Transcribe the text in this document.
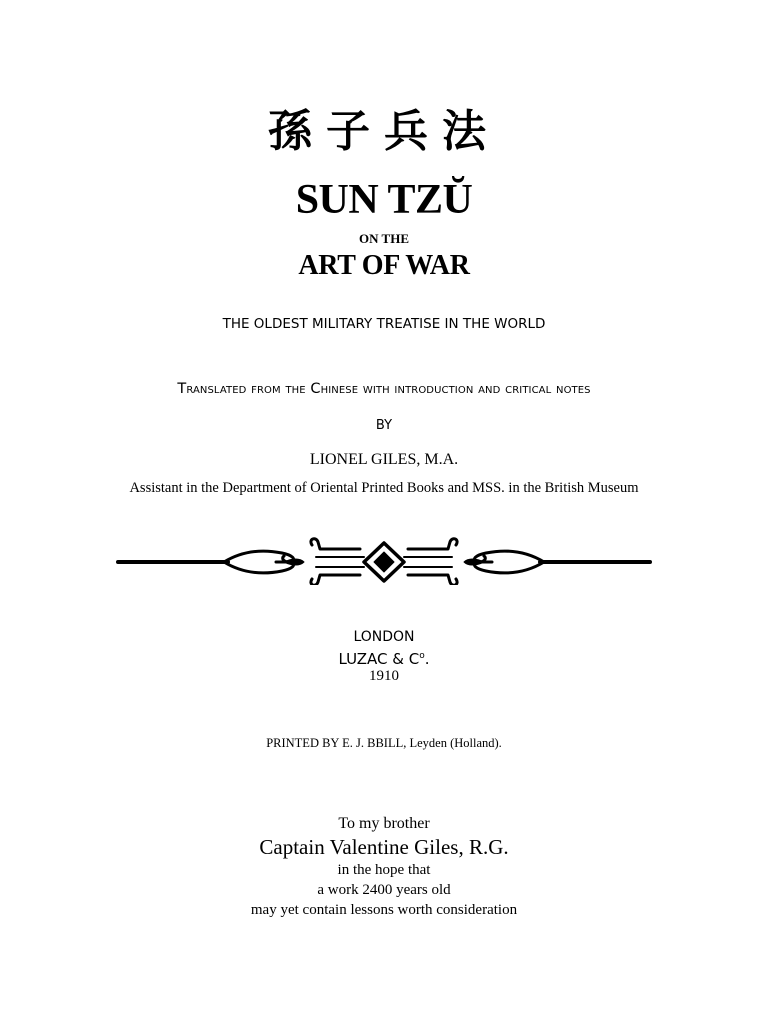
孫子兵法
SUN TZŬ
ON THE
ART OF WAR
THE OLDEST MILITARY TREATISE IN THE WORLD
Translated from the Chinese with introduction and critical notes
BY
LIONEL GILES, M.A.
Assistant in the Department of Oriental Printed Books and MSS. in the British Museum
LONDON
LUZAC & $C^o$.
1910
PRINTED BY E. J. BBILL, Leyden (Holland).
To my brother
Captain Valentine Giles, R.G.
in the hope that
a work 2400 years old
may yet contain lessons worth consideration
